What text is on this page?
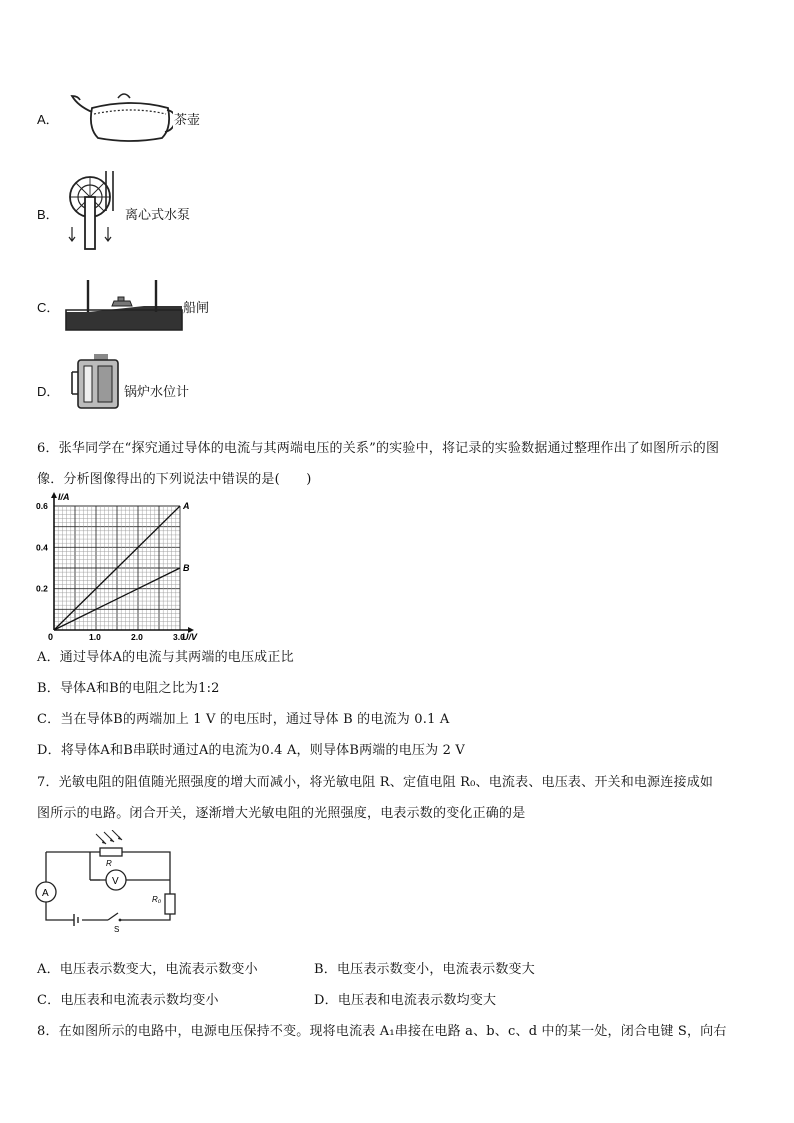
A．	茶壶
B．	离心式水泵
C．	船闸
D．	锅炉水位计
6．张华同学在“探究通过导体的电流与其两端电压的关系”的实验中，将记录的实验数据通过整理作出了如图所示的图
像．分析图像得出的下列说法中错误的是(　　)
A
B
1.0	2.0	3.0
0.2
0.4
0.6
I/A
U/V
0
A．通过导体A的电流与其两端的电压成正比
B．导体A和B的电阻之比为1:2
C．当在导体B的两端加上 1 V 的电压时，通过导体 B 的电流为 0.1 A
D．将导体A和B串联时通过A的电流为0.4 A，则导体B两端的电压为 2 V
7．光敏电阻的阻值随光照强度的增大而减小，将光敏电阻 R、定值电阻 R₀、电流表、电压表、开关和电源连接成如
图所示的电路。闭合开关，逐渐增大光敏电阻的光照强度，电表示数的变化正确的是
R
V
A
R₀
S
A．电压表示数变大，电流表示数变小	B．电压表示数变小，电流表示数变大
C．电压表和电流表示数均变小	D．电压表和电流表示数均变大
8．在如图所示的电路中，电源电压保持不变。现将电流表 A₁串接在电路 a、b、c、d 中的某一处，闭合电键 S，向右
